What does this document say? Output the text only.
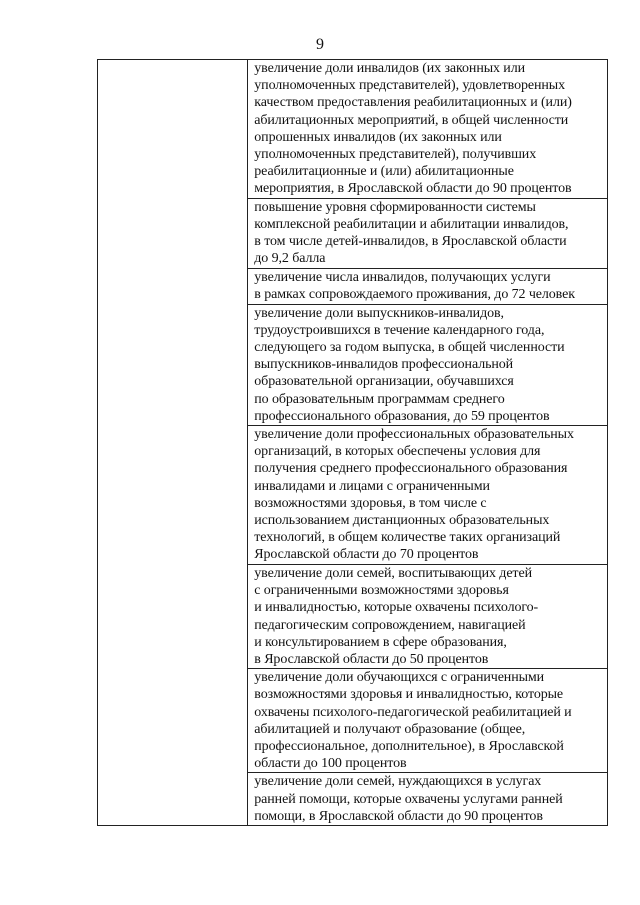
9

увеличение доли инвалидов (их законных или
уполномоченных представителей), удовлетворенных
качеством предоставления реабилитационных и (или)
абилитационных мероприятий, в общей численности
опрошенных инвалидов (их законных или
уполномоченных представителей), получивших
реабилитационные и (или) абилитационные
мероприятия, в Ярославской области до 90 процентов

повышение уровня сформированности системы
комплексной реабилитации и абилитации инвалидов,
в том числе детей-инвалидов, в Ярославской области
до 9,2 балла

увеличение числа инвалидов, получающих услуги
в рамках сопровождаемого проживания, до 72 человек

увеличение доли выпускников-инвалидов,
трудоустроившихся в течение календарного года,
следующего за годом выпуска, в общей численности
выпускников-инвалидов профессиональной
образовательной организации, обучавшихся
по образовательным программам среднего
профессионального образования, до 59 процентов

увеличение доли профессиональных образовательных
организаций, в которых обеспечены условия для
получения среднего профессионального образования
инвалидами и лицами с ограниченными
возможностями здоровья, в том числе с
использованием дистанционных образовательных
технологий, в общем количестве таких организаций
Ярославской области до 70 процентов

увеличение доли семей, воспитывающих детей
с ограниченными возможностями здоровья
и инвалидностью, которые охвачены психолого-
педагогическим сопровождением, навигацией
и консультированием в сфере образования,
в Ярославской области до 50 процентов

увеличение доли обучающихся с ограниченными
возможностями здоровья и инвалидностью, которые
охвачены психолого-педагогической реабилитацией и
абилитацией и получают образование (общее,
профессиональное, дополнительное), в Ярославской
области до 100 процентов

увеличение доли семей, нуждающихся в услугах
ранней помощи, которые охвачены услугами ранней
помощи, в Ярославской области до 90 процентов
